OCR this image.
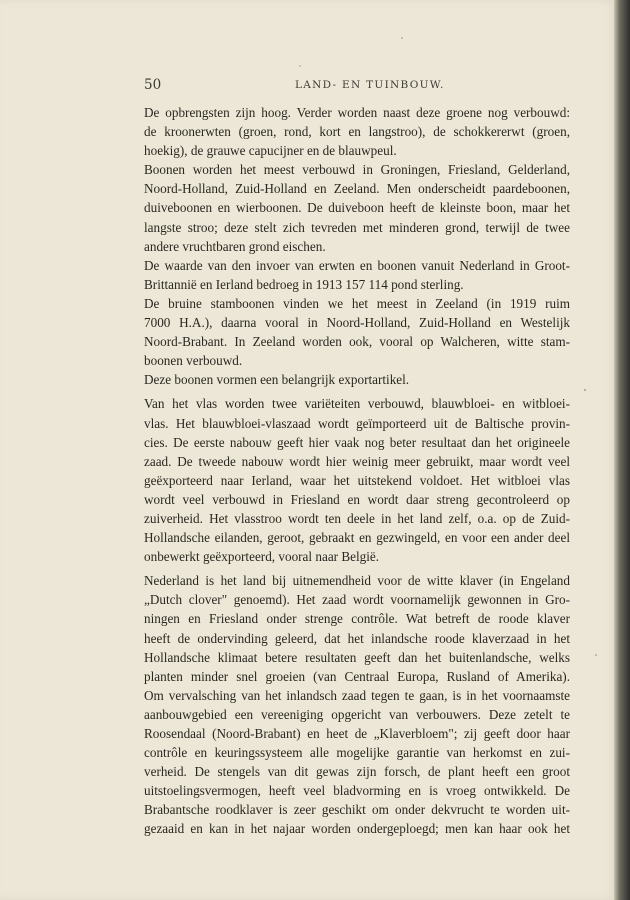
50	LAND- EN TUINBOUW.
De opbrengsten zijn hoog. Verder worden naast deze groene nog verbouwd:
de kroonerwten (groen, rond, kort en langstroo), de schokkererwt (groen,
hoekig), de grauwe capucijner en de blauwpeul.
Boonen worden het meest verbouwd in Groningen, Friesland, Gelderland,
Noord-Holland, Zuid-Holland en Zeeland. Men onderscheidt paardeboonen,
duiveboonen en wierboonen. De duiveboon heeft de kleinste boon, maar het
langste stroo; deze stelt zich tevreden met minderen grond, terwijl de twee
andere vruchtbaren grond eischen.
De waarde van den invoer van erwten en boonen vanuit Nederland in Groot-
Brittannië en Ierland bedroeg in 1913 157 114 pond sterling.
De bruine stamboonen vinden we het meest in Zeeland (in 1919 ruim
7000 H.A.), daarna vooral in Noord-Holland, Zuid-Holland en Westelijk
Noord-Brabant. In Zeeland worden ook, vooral op Walcheren, witte stam-
boonen verbouwd.
Deze boonen vormen een belangrijk exportartikel.
Van het vlas worden twee variëteiten verbouwd, blauwbloei- en witbloei-
vlas. Het blauwbloei-vlaszaad wordt geïmporteerd uit de Baltische provin-
cies. De eerste nabouw geeft hier vaak nog beter resultaat dan het origineele
zaad. De tweede nabouw wordt hier weinig meer gebruikt, maar wordt veel
geëxporteerd naar Ierland, waar het uitstekend voldoet. Het witbloei vlas
wordt veel verbouwd in Friesland en wordt daar streng gecontroleerd op
zuiverheid. Het vlasstroo wordt ten deele in het land zelf, o.a. op de Zuid-
Hollandsche eilanden, geroot, gebraakt en gezwingeld, en voor een ander deel
onbewerkt geëxporteerd, vooral naar België.
Nederland is het land bij uitnemendheid voor de witte klaver (in Engeland
„Dutch clover" genoemd). Het zaad wordt voornamelijk gewonnen in Gro-
ningen en Friesland onder strenge contrôle. Wat betreft de roode klaver
heeft de ondervinding geleerd, dat het inlandsche roode klaverzaad in het
Hollandsche klimaat betere resultaten geeft dan het buitenlandsche, welks
planten minder snel groeien (van Centraal Europa, Rusland of Amerika).
Om vervalsching van het inlandsch zaad tegen te gaan, is in het voornaamste
aanbouwgebied een vereeniging opgericht van verbouwers. Deze zetelt te
Roosendaal (Noord-Brabant) en heet de „Klaverbloem"; zij geeft door haar
contrôle en keuringssysteem alle mogelijke garantie van herkomst en zui-
verheid. De stengels van dit gewas zijn forsch, de plant heeft een groot
uitstoelingsvermogen, heeft veel bladvorming en is vroeg ontwikkeld. De
Brabantsche roodklaver is zeer geschikt om onder dekvrucht te worden uit-
gezaaid en kan in het najaar worden ondergeploegd; men kan haar ook het
